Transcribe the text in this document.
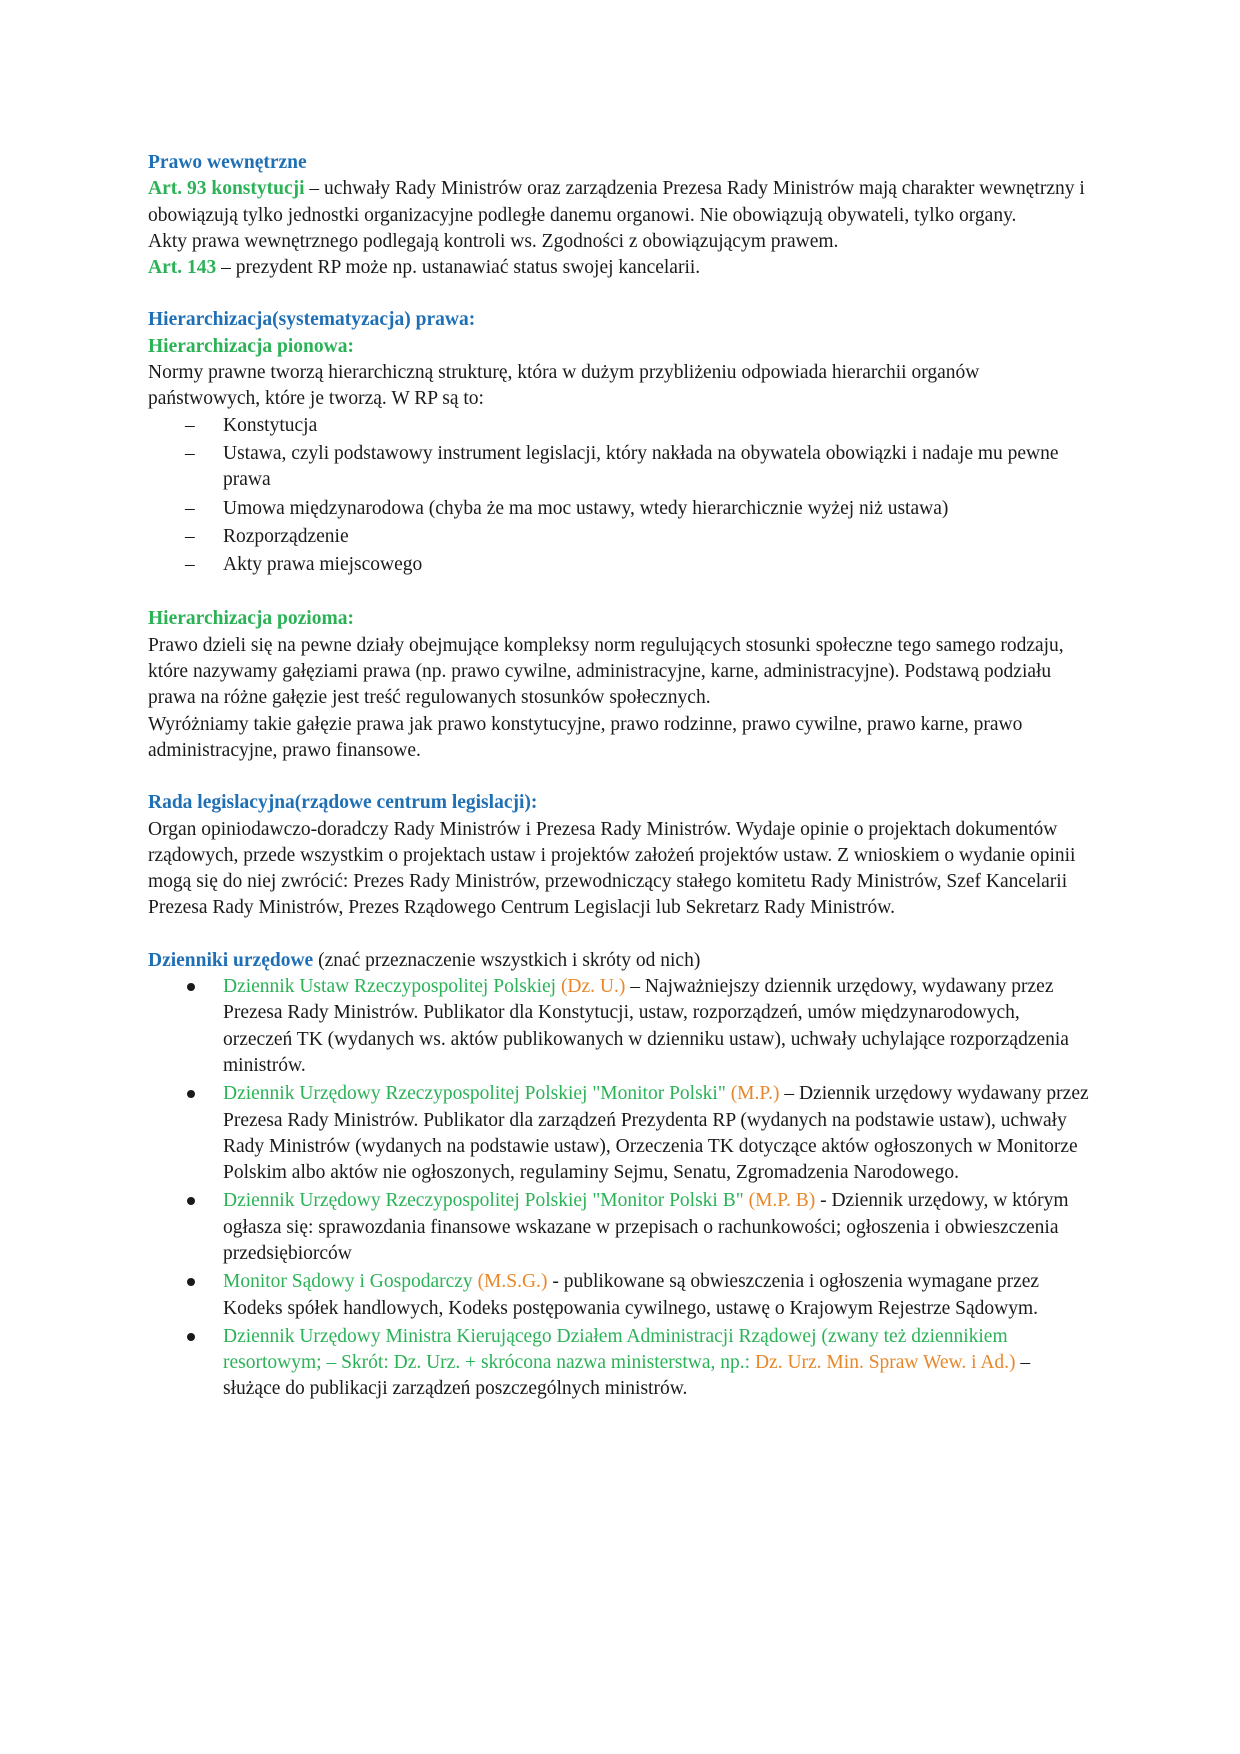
Prawo wewnętrzne

Art. 93 konstytucji – uchwały Rady Ministrów oraz zarządzenia Prezesa Rady Ministrów mają charakter wewnętrzny i obowiązują tylko jednostki organizacyjne podległe danemu organowi. Nie obowiązują obywateli, tylko organy.

Akty prawa wewnętrznego podlegają kontroli ws. Zgodności z obowiązującym prawem.

Art. 143 – prezydent RP może np. ustanawiać status swojej kancelarii.

Hierarchizacja(systematyzacja) prawa:

Hierarchizacja pionowa:

Normy prawne tworzą hierarchiczną strukturę, która w dużym przybliżeniu odpowiada hierarchii organów państwowych, które je tworzą. W RP są to:

– Konstytucja
– Ustawa, czyli podstawowy instrument legislacji, który nakłada na obywatela obowiązki i nadaje mu pewne prawa
– Umowa międzynarodowa (chyba że ma moc ustawy, wtedy hierarchicznie wyżej niż ustawa)
– Rozporządzenie
– Akty prawa miejscowego

Hierarchizacja pozioma:

Prawo dzieli się na pewne działy obejmujące kompleksy norm regulujących stosunki społeczne tego samego rodzaju, które nazywamy gałęziami prawa (np. prawo cywilne, administracyjne, karne, administracyjne). Podstawą podziału prawa na różne gałęzie jest treść regulowanych stosunków społecznych.

Wyróżniamy takie gałęzie prawa jak prawo konstytucyjne, prawo rodzinne, prawo cywilne, prawo karne, prawo administracyjne, prawo finansowe.

Rada legislacyjna(rządowe centrum legislacji):

Organ opiniodawczo-doradczy Rady Ministrów i Prezesa Rady Ministrów. Wydaje opinie o projektach dokumentów rządowych, przede wszystkim o projektach ustaw i projektów założeń projektów ustaw. Z wnioskiem o wydanie opinii mogą się do niej zwrócić: Prezes Rady Ministrów, przewodniczący stałego komitetu Rady Ministrów, Szef Kancelarii Prezesa Rady Ministrów, Prezes Rządowego Centrum Legislacji lub Sekretarz Rady Ministrów.

Dzienniki urzędowe (znać przeznaczenie wszystkich i skróty od nich)

Dziennik Ustaw Rzeczypospolitej Polskiej (Dz. U.) – Najważniejszy dziennik urzędowy, wydawany przez Prezesa Rady Ministrów. Publikator dla Konstytucji, ustaw, rozporządzeń, umów międzynarodowych, orzeczeń TK (wydanych ws. aktów publikowanych w dzienniku ustaw), uchwały uchylające rozporządzenia ministrów.
Dziennik Urzędowy Rzeczypospolitej Polskiej "Monitor Polski" (M.P.) – Dziennik urzędowy wydawany przez Prezesa Rady Ministrów. Publikator dla zarządzeń Prezydenta RP (wydanych na podstawie ustaw), uchwały Rady Ministrów (wydanych na podstawie ustaw), Orzeczenia TK dotyczące aktów ogłoszonych w Monitorze Polskim albo aktów nie ogłoszonych, regulaminy Sejmu, Senatu, Zgromadzenia Narodowego.
Dziennik Urzędowy Rzeczypospolitej Polskiej "Monitor Polski B" (M.P. B) - Dziennik urzędowy, w którym ogłasza się: sprawozdania finansowe wskazane w przepisach o rachunkowości; ogłoszenia i obwieszczenia przedsiębiorców
Monitor Sądowy i Gospodarczy (M.S.G.) - publikowane są obwieszczenia i ogłoszenia wymagane przez Kodeks spółek handlowych, Kodeks postępowania cywilnego, ustawę o Krajowym Rejestrze Sądowym.
Dziennik Urzędowy Ministra Kierującego Działem Administracji Rządowej (zwany też dziennikiem resortowym; – Skrót: Dz. Urz. + skrócona nazwa ministerstwa, np.: Dz. Urz. Min. Spraw Wew. i Ad.) – służące do publikacji zarządzeń poszczególnych ministrów.
